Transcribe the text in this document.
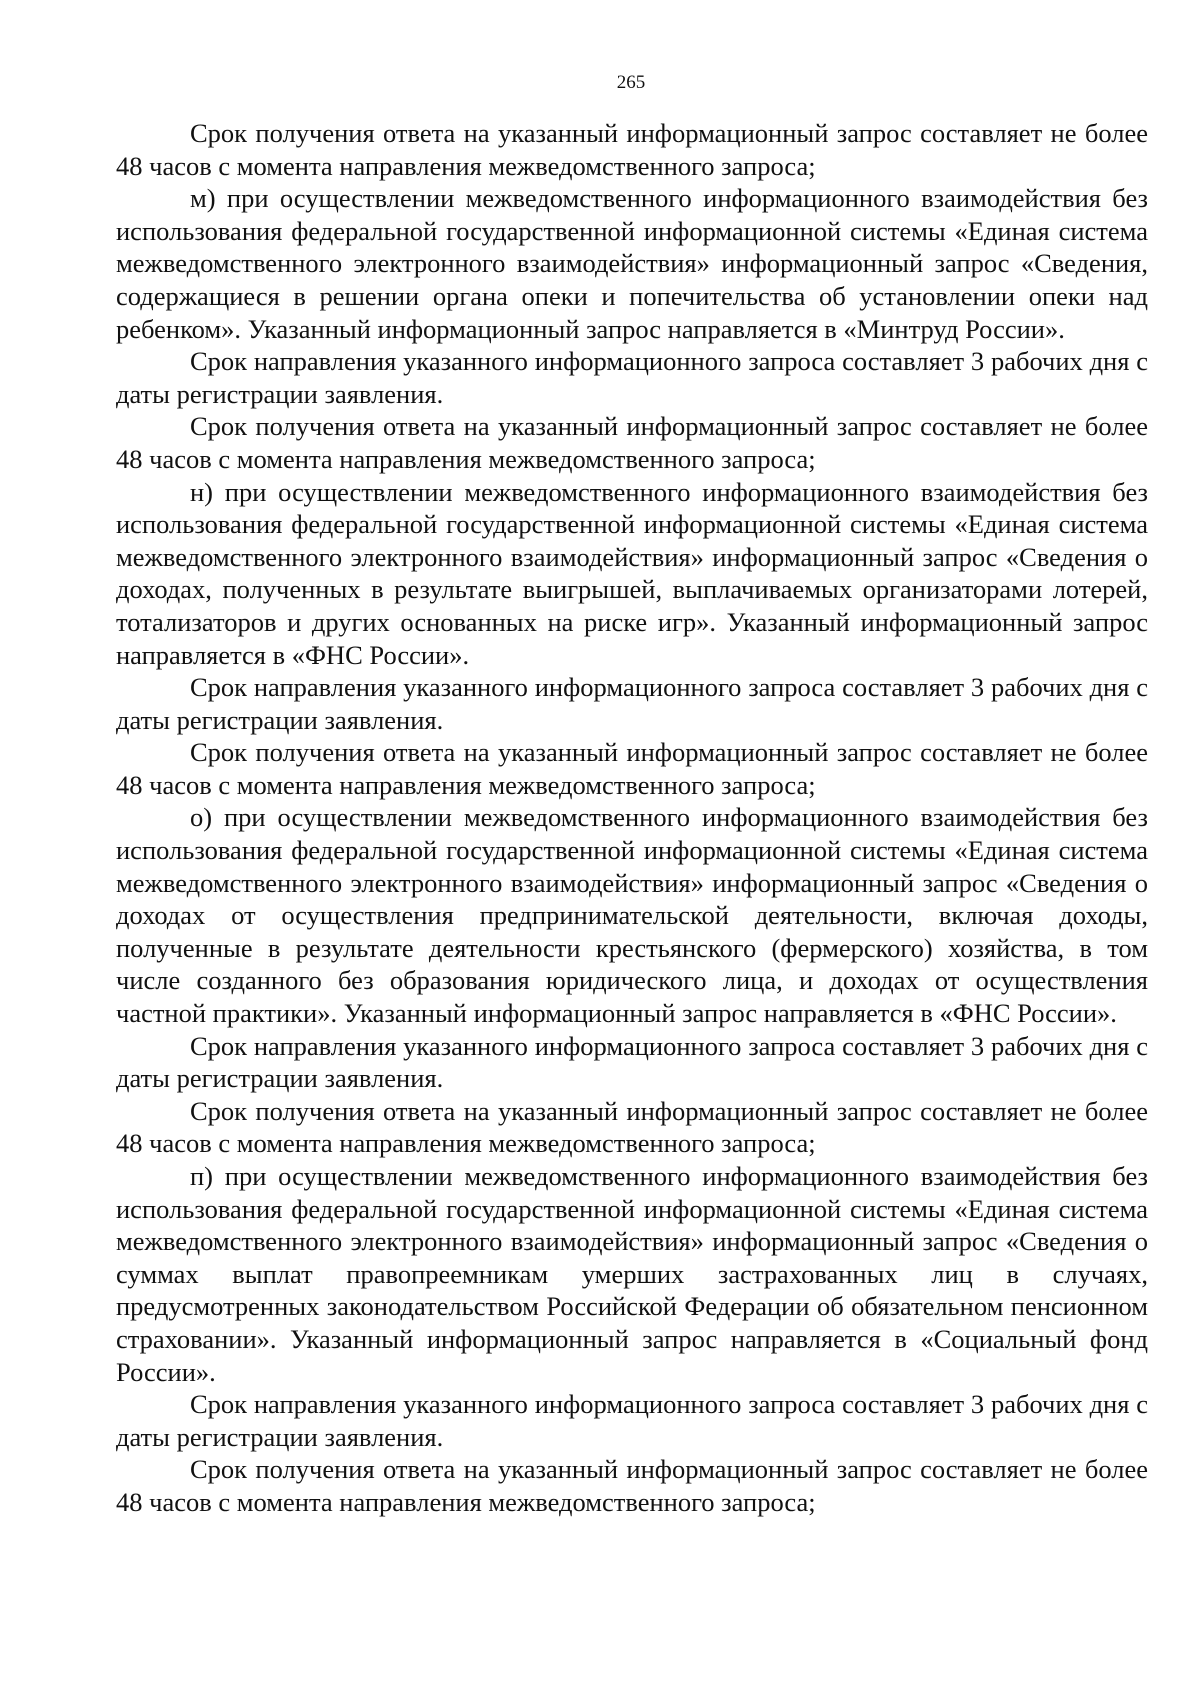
265

Срок получения ответа на указанный информационный запрос составляет не более 48 часов с момента направления межведомственного запроса;

м) при осуществлении межведомственного информационного взаимодействия без использования федеральной государственной информационной системы «Единая система межведомственного электронного взаимодействия» информационный запрос «Сведения, содержащиеся в решении органа опеки и попечительства об установлении опеки над ребенком». Указанный информационный запрос направляется в «Минтруд России».

Срок направления указанного информационного запроса составляет 3 рабочих дня с даты регистрации заявления.

Срок получения ответа на указанный информационный запрос составляет не более 48 часов с момента направления межведомственного запроса;

н) при осуществлении межведомственного информационного взаимодействия без использования федеральной государственной информационной системы «Единая система межведомственного электронного взаимодействия» информационный запрос «Сведения о доходах, полученных в результате выигрышей, выплачиваемых организаторами лотерей, тотализаторов и других основанных на риске игр». Указанный информационный запрос направляется в «ФНС России».

Срок направления указанного информационного запроса составляет 3 рабочих дня с даты регистрации заявления.

Срок получения ответа на указанный информационный запрос составляет не более 48 часов с момента направления межведомственного запроса;

о) при осуществлении межведомственного информационного взаимодействия без использования федеральной государственной информационной системы «Единая система межведомственного электронного взаимодействия» информационный запрос «Сведения о доходах от осуществления предпринимательской деятельности, включая доходы, полученные в результате деятельности крестьянского (фермерского) хозяйства, в том числе созданного без образования юридического лица, и доходах от осуществления частной практики». Указанный информационный запрос направляется в «ФНС России».

Срок направления указанного информационного запроса составляет 3 рабочих дня с даты регистрации заявления.

Срок получения ответа на указанный информационный запрос составляет не более 48 часов с момента направления межведомственного запроса;

п) при осуществлении межведомственного информационного взаимодействия без использования федеральной государственной информационной системы «Единая система межведомственного электронного взаимодействия» информационный запрос «Сведения о суммах выплат правопреемникам умерших застрахованных лиц в случаях, предусмотренных законодательством Российской Федерации об обязательном пенсионном страховании». Указанный информационный запрос направляется в «Социальный фонд России».

Срок направления указанного информационного запроса составляет 3 рабочих дня с даты регистрации заявления.

Срок получения ответа на указанный информационный запрос составляет не более 48 часов с момента направления межведомственного запроса;
